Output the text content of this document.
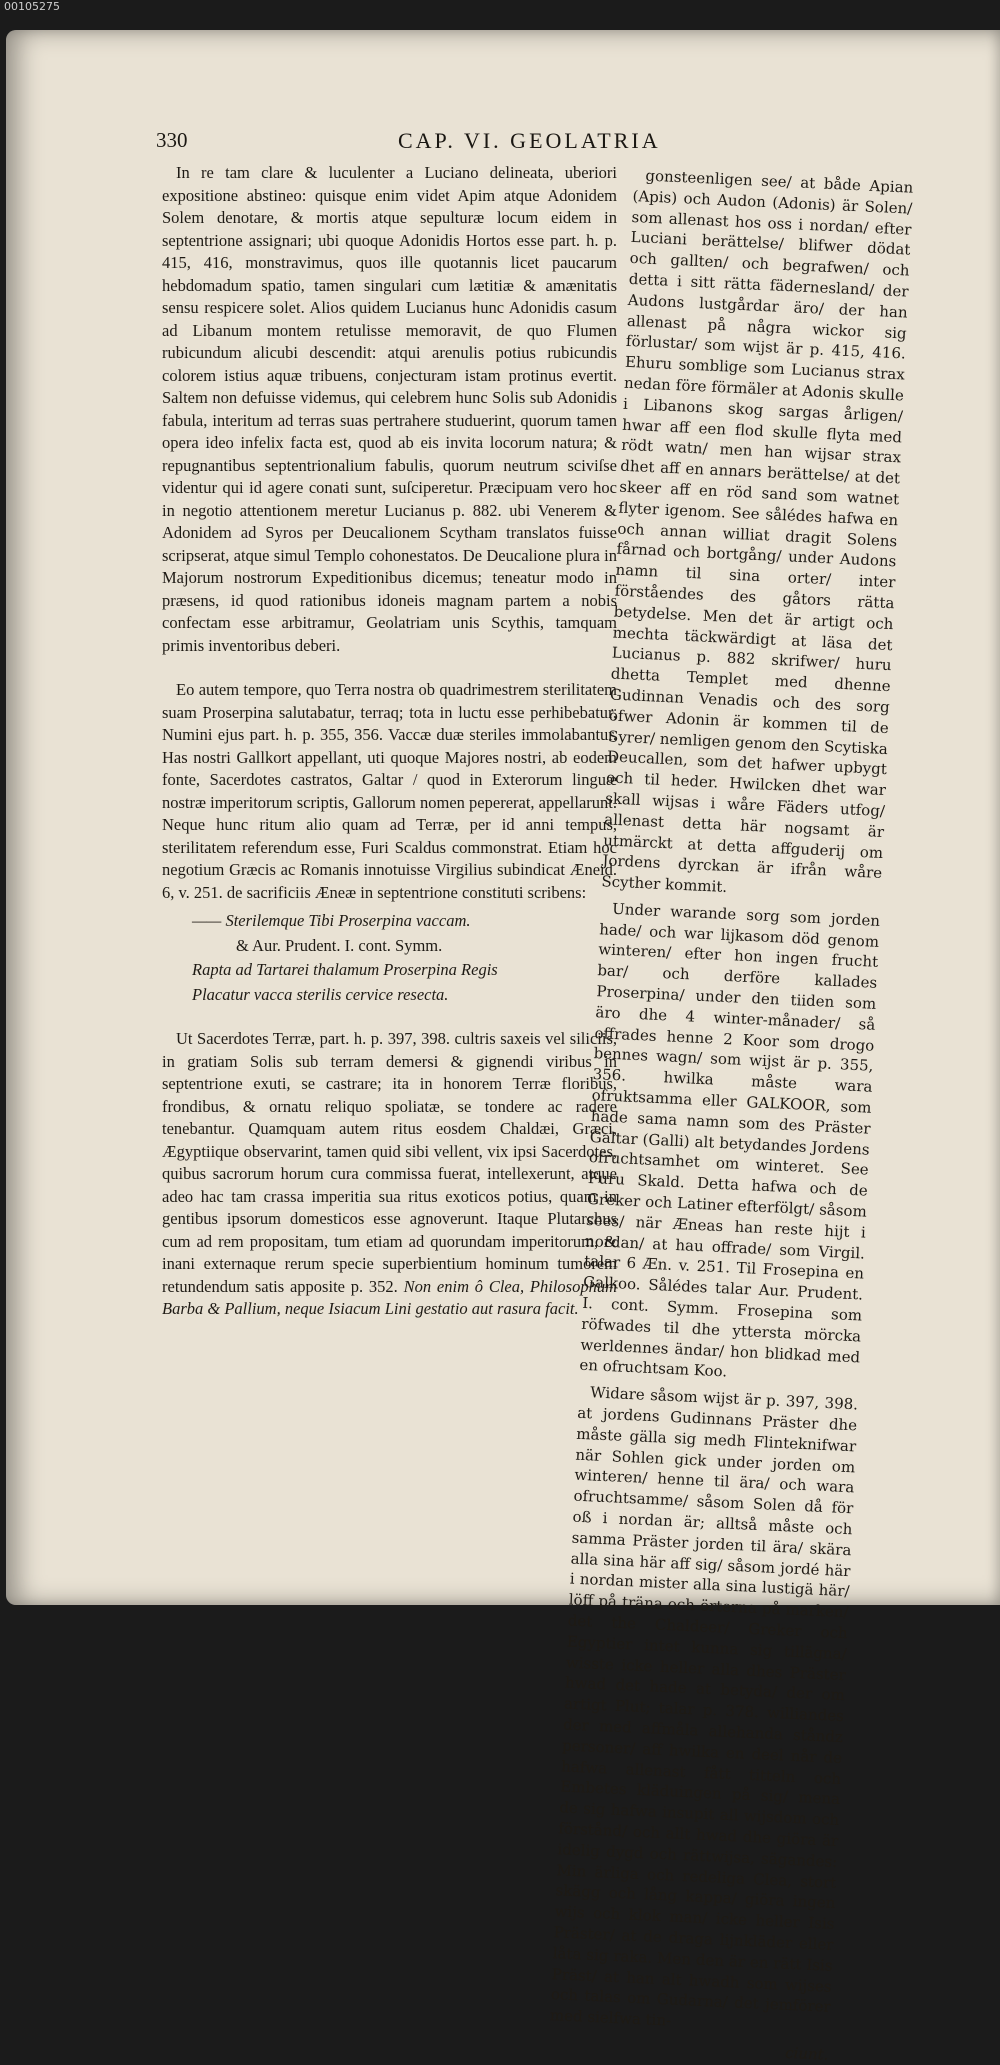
00105275
330	CAP. VI. GEOLATRIA

In re tam clare & luculenter a Luciano delineata, uberiori expositione abstineo: quisque enim videt Apim atque Adonidem Solem denotare, & mortis atque sepulturæ locum eidem in septentrione assignari; ubi quoque Adonidis Hortos esse part. h. p. 415, 416, monstravimus, quos ille quotannis licet paucarum hebdomadum spatio, tamen singulari cum lætitiæ & amænitatis sensu respicere solet. Alios quidem Lucianus hunc Adonidis casum ad Libanum montem retulisse memoravit, de quo Flumen rubicundum alicubi descendit: atqui arenulis potius rubicundis colorem istius aquæ tribuens, conjecturam istam protinus evertit. Saltem non defuisse videmus, qui celebrem hunc Solis sub Adonidis fabula, interitum ad terras suas pertrahere studuerint, quorum tamen opera ideo infelix facta est, quod ab eis invita locorum natura; & repugnantibus septentrionalium fabulis, quorum neutrum sciviſse videntur qui id agere conati sunt, suſciperetur. Præcipuam vero hoc in negotio attentionem meretur Lucianus p. 882. ubi Venerem & Adonidem ad Syros per Deucalionem Scytham translatos fuisse scripserat, atque simul Templo cohonestatos. De Deucalione plura in Majorum nostrorum Expeditionibus dicemus; teneatur modo in præsens, id quod rationibus idoneis magnam partem a nobis confectam esse arbitramur, Geolatriam unis Scythis, tamquam primis inventoribus deberi.

Eo autem tempore, quo Terra nostra ob quadrimestrem sterilitatem suam Proserpina salutabatur, terraq; tota in luctu esse perhibebatur, Numini ejus part. h. p. 355, 356. Vaccæ duæ steriles immolabantur. Has nostri Gallkort appellant, uti quoque Majores nostri, ab eodem fonte, Sacerdotes castratos, Galtar / quod in Exterorum linguæ nostræ imperitorum scriptis, Gallorum nomen pepererat, appellarunt. Neque hunc ritum alio quam ad Terræ, per id anni tempus, sterilitatem referendum esse, Furi Scaldus commonstrat. Etiam hoc negotium Græcis ac Romanis innotuisse Virgilius subindicat Æneid. 6, v. 251. de sacrificiis Æneæ in septentrione constituti scribens:

—— Sterilemque Tibi Proserpina vaccam.
& Aur. Prudent. I. cont. Symm.
Rapta ad Tartarei thalamum Proserpina Regis
Placatur vacca sterilis cervice resecta.

Ut Sacerdotes Terræ, part. h. p. 397, 398. cultris saxeis vel siliciis, in gratiam Solis sub terram demersi & gignendi viribus in septentrione exuti, se castrare; ita in honorem Terræ floribus, frondibus, & ornatu reliquo spoliatæ, se tondere ac radere tenebantur. Quamquam autem ritus eosdem Chaldæi, Græci, Ægyptiique observarint, tamen quid sibi vellent, vix ipsi Sacerdotes, quibus sacrorum horum cura commissa fuerat, intellexerunt, atque adeo hac tam crassa imperitia sua ritus exoticos potius, quam in gentibus ipsorum domesticos esse agnoverunt. Itaque Plutarchus cum ad rem propositam, tum etiam ad quorundam imperitorum, & inani externaque rerum specie superbientium hominum tumorem retundendum satis apposite p. 352. Non enim ô Clea, Philosophum Barba & Pallium, neque Isiacum Lini gestatio aut rasura facit.

gonsteenligen see/ at både Apian (Apis) och Audon (Adonis) är Solen/ som allenast hos oss i nordan/ efter Luciani berättelse/ blifwer dödat och gallten/ och begrafwen/ och detta i sitt rätta fädernesland/ der Audons lustgårdar äro/ der han allenast på några wickor sig förlustar/ som wijst är p. 415, 416. Ehuru somblige som Lucianus strax nedan före förmäler at Adonis skulle i Libanons skog sargas årligen/ hwar aff een flod skulle flyta med rödt watn/ men han wijsar strax dhet aff en annars berättelse/ at det skeer aff en röd sand som watnet flyter igenom. See sålédes hafwa en och annan williat dragit Solens fårnad och bortgång/ under Audons namn til sina orter/ inter förståendes des gåtors rätta betydelse. Men det är artigt och mechta täckwärdigt at läsa det Lucianus p. 882 skrifwer/ huru dhetta Templet med dhenne Gudinnan Venadis och des sorg öfwer Adonin är kommen til de Syrer/ nemligen genom den Scytiska Deucallen, som det hafwer upbygt och til heder. Hwilcken dhet war skall wijsas i wåre Fäders utfog/ allenast detta här nogsamt är utmärckt at detta affguderij om Jordens dyrckan är ifrån wåre Scyther kommit.

Under warande sorg som jorden hade/ och war lijkasom död genom winteren/ efter hon ingen frucht bar/ och derföre kallades Proserpina/ under den tiiden som äro dhe 4 winter-månader/ så offrades henne 2 Koor som drogo bennes wagn/ som wijst är p. 355, 356. hwilka måste wara ofruktsamma eller GALKOOR, som hade sama namn som des Präster Galtar (Galli) alt betydandes Jordens ofruchtsamhet om winteret. See Furu Skald. Detta hafwa och de Greker och Latiner efterfölgt/ såsom sees/ när Æneas han reste hijt i nordan/ at hau offrade/ som Virgil. talar 6 Æn. v. 251. Til Frosepina en Galkoo. Sålédes talar Aur. Prudent. I. cont. Symm. Frosepina som röfwades til dhe yttersta mörcka werldennes ändar/ hon blidkad med en ofruchtsam Koo.

Widare såsom wijst är p. 397, 398. at jordens Gudinnans Präster dhe måste gälla sig medh Flinteknifwar när Sohlen gick under jorden om winteren/ henne til ära/ och wara ofruchtsamme/ såsom Solen då för oß i nordan är; alltså måste och samma Präster jorden til ära/ skära alla sina här aff sig/ såsom jordé här i nordan mister alla sina lustigä här/ löff på träna och örterna på marken/ det the Chaldeer/ Greker och Egyptier intet kunna sig tillägna/ wisste icke heller alla dhes Präster hwad det hade at betyda/ der om artigt Plut; talar p. 378. williandes der med affmåla allehanda ståndz personer/ aff hwilka en deel når de hafwa allenast fått titteln och Embetes kläduingen på sig/ mena de sig hafwa insupit all wijsdom och förstånd/ och allt hwad dhe giöra är idelig dygd och rättwijsa, sägandes: Min ärliga och redeliga Clea, stort skägg och lång kappa/ giöra ingen wijs och klok man/ icke heller Isis Präster/ at de draga lijnkläder eller låta sig raka. Men den är en rätt Isis Präst/ at han alt hwadh som wijses och talas om Gudarna/ det jemförer med sielfwa tin-

ciunt.
